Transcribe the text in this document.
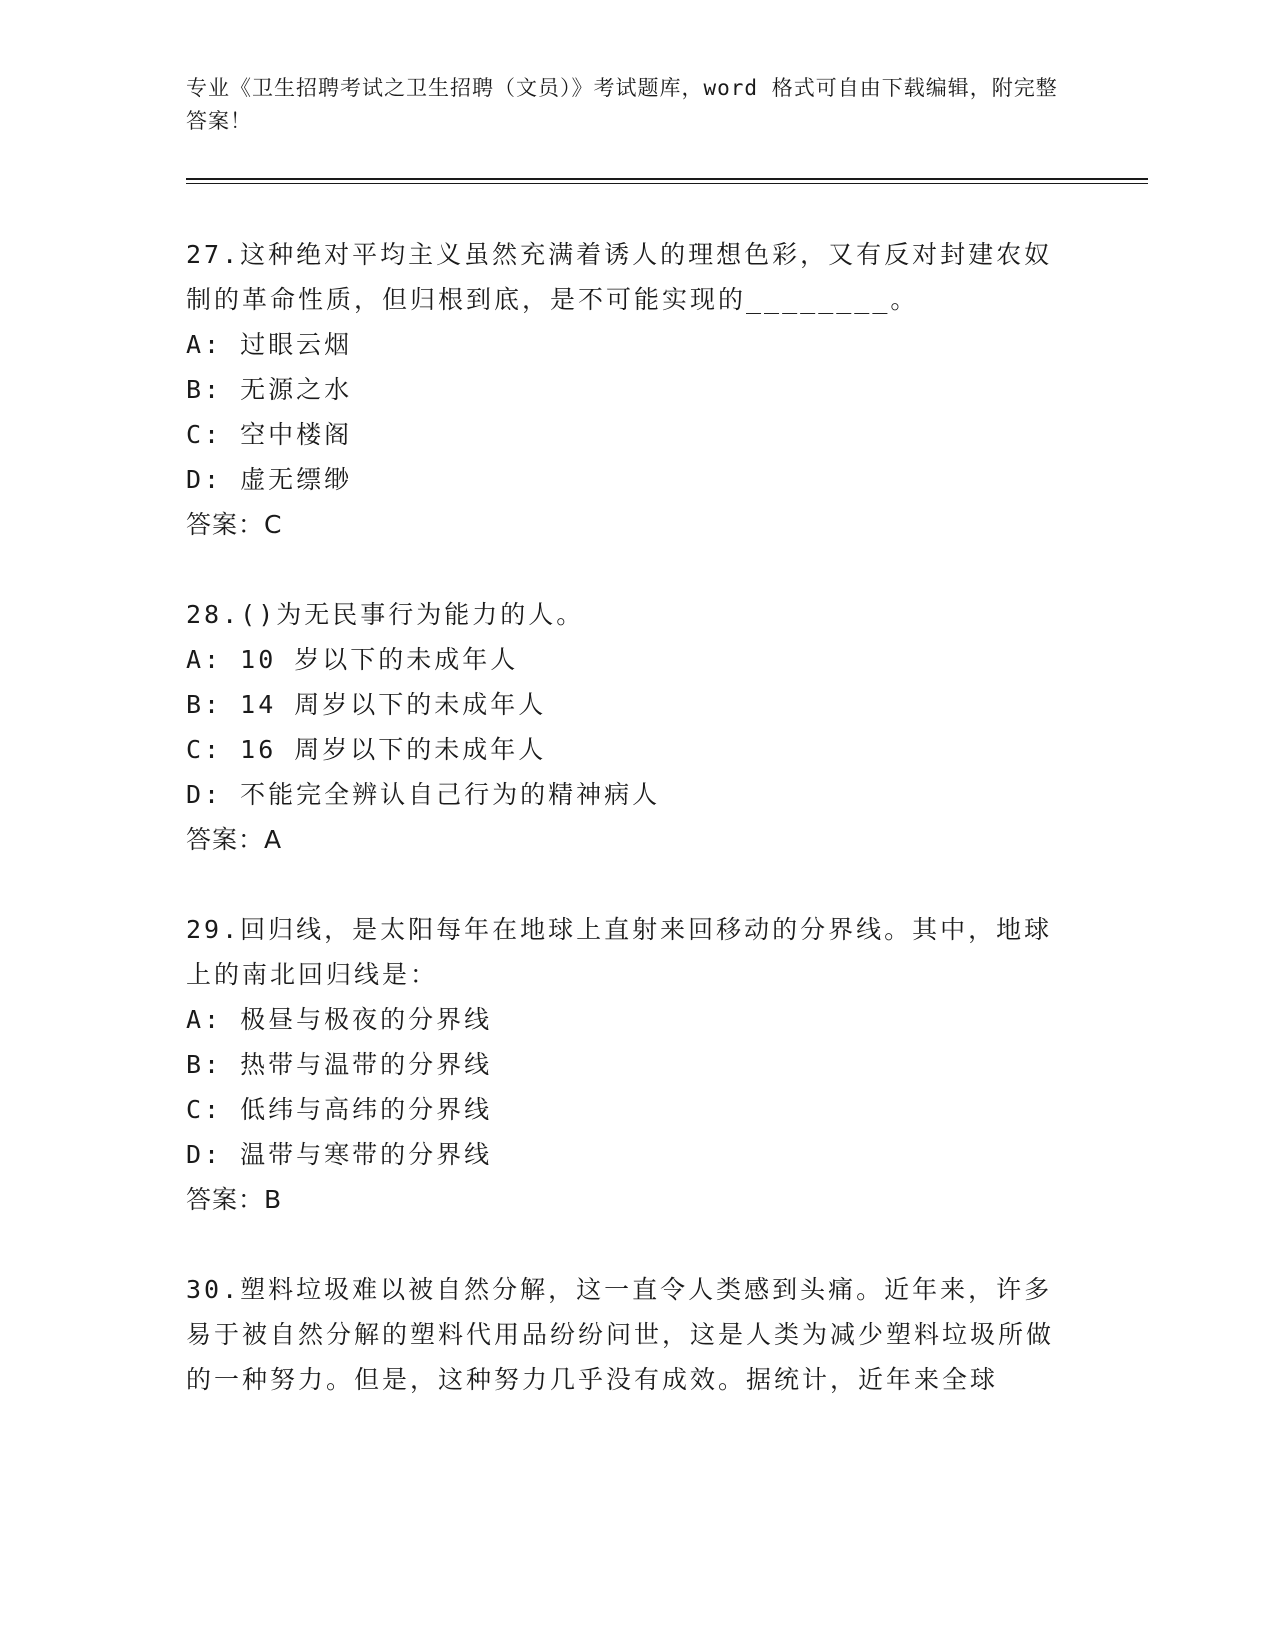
专业《卫生招聘考试之卫生招聘（文员）》考试题库，word 格式可自由下载编辑，附完整答案！
27.这种绝对平均主义虽然充满着诱人的理想色彩，又有反对封建农奴制的革命性质，但归根到底，是不可能实现的________。
A: 过眼云烟
B: 无源之水
C: 空中楼阁
D: 虚无缥缈
答案：C
28.()为无民事行为能力的人。
A: 10 岁以下的未成年人
B: 14 周岁以下的未成年人
C: 16 周岁以下的未成年人
D: 不能完全辨认自己行为的精神病人
答案：A
29.回归线，是太阳每年在地球上直射来回移动的分界线。其中，地球上的南北回归线是：
A: 极昼与极夜的分界线
B: 热带与温带的分界线
C: 低纬与高纬的分界线
D: 温带与寒带的分界线
答案：B
30.塑料垃圾难以被自然分解，这一直令人类感到头痛。近年来，许多易于被自然分解的塑料代用品纷纷问世，这是人类为减少塑料垃圾所做的一种努力。但是，这种努力几乎没有成效。据统计，近年来全球
